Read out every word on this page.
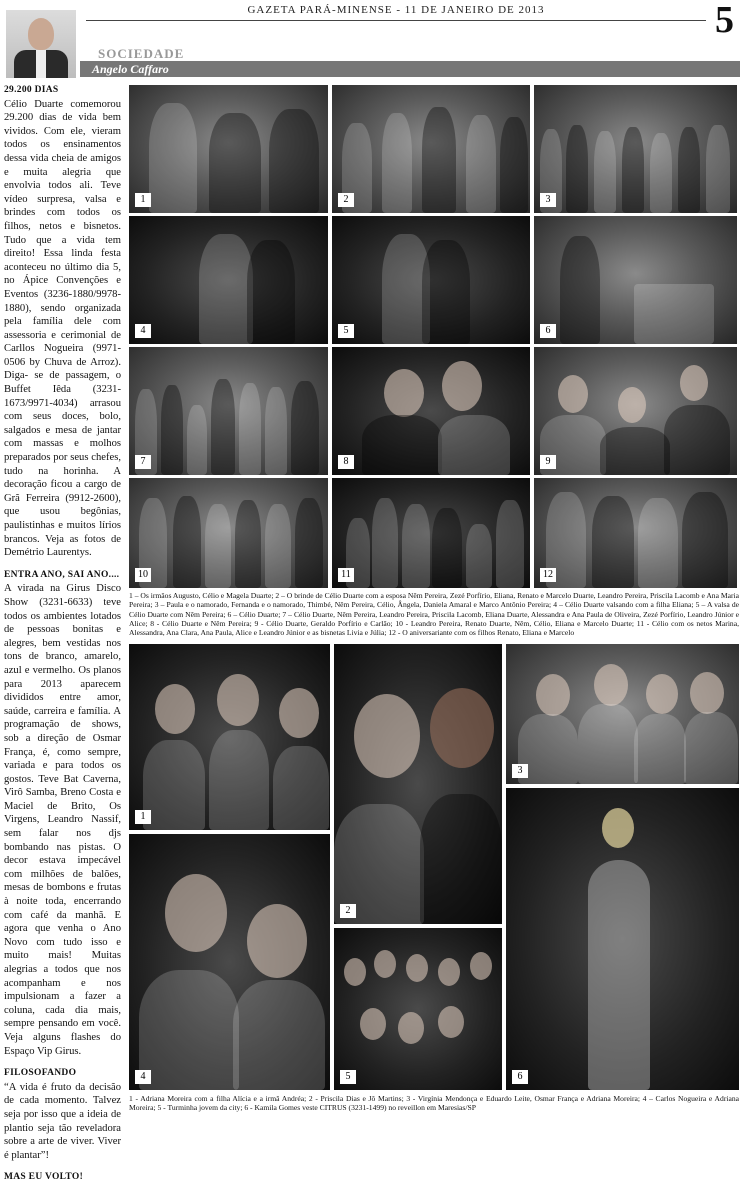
GAZETA PARÁ-MINENSE - 11 DE JANEIRO DE 2013	5
SOCIEDADE
Angelo Caffaro
29.200 DIAS

Célio Duarte comemorou 29.200 dias de vida bem vividos. Com ele, vieram todos os ensinamentos dessa vida cheia de amigos e muita alegria que envolvia todos ali. Teve vídeo surpresa, valsa e brindes com todos os filhos, netos e bisnetos. Tudo que a vida tem direito! Essa linda festa aconteceu no último dia 5, no Ápice Convenções e Eventos (3236-1880/9978-1880), sendo organizada pela família dele com assessoria e cerimonial de Carllos Nogueira (9971-0506 by Chuva de Arroz). Diga- se de passagem, o Buffet Iêda (3231-1673/9971-4034) arrasou com seus doces, bolo, salgados e mesa de jantar com massas e molhos preparados por seus chefes, tudo na horinha. A decoração ficou a cargo de Grã Ferreira (9912-2600), que usou begônias, paulistinhas e muitos lírios brancos. Veja as fotos de Demétrio Laurentys.

ENTRA ANO, SAI ANO....

A virada na Girus Disco Show (3231-6633) teve todos os ambientes lotados de pessoas bonitas e alegres, bem vestidas nos tons de branco, amarelo, azul e vermelho. Os planos para 2013 aparecem divididos entre amor, saúde, carreira e família. A programação de shows, sob a direção de Osmar França, é, como sempre, variada e para todos os gostos. Teve Bat Caverna, Virô Samba, Breno Costa e Maciel de Brito, Os Virgens, Leandro Nassif, sem falar nos djs bombando nas pistas. O decor estava impecável com milhões de balões, mesas de bombons e frutas à noite toda, encerrando com café da manhã. E agora que venha o Ano Novo com tudo isso e muito mais! Muitas alegrias a todos que nos acompanham e nos impulsionam a fazer a coluna, cada dia mais, sempre pensando em você. Veja alguns flashes do Espaço Vip Girus.

FILOSOFANDO

“A vida é fruto da decisão de cada momento. Talvez seja por isso que a ideia de plantio seja tão reveladora sobre a arte de viver. Viver é plantar”!

MAS EU VOLTO!
1	2	3
4	5	6
7	8	9
10	11	12
1 – Os irmãos Augusto, Célio e Magela Duarte; 2 – O brinde de Célio Duarte com a esposa Nêm Pereira, Zezé Porfírio, Eliana, Renato e Marcelo Duarte, Leandro Pereira, Priscila Lacomb e Ana Maria Pereira; 3 – Paula e o namorado, Fernanda e o namorado, Thimbé, Nêm Pereira, Célio, Ângela, Daniela Amaral e Marco Antônio Pereira; 4 – Célio Duarte valsando com a filha Eliana; 5 – A valsa de Célio Duarte com Nêm Pereira; 6 – Célio Duarte; 7 – Célio Duarte, Nêm Pereira, Leandro Pereira, Priscila Lacomb, Eliana Duarte, Alessandra e Ana Paula de Oliveira, Zezé Porfírio, Leandro Júnior e Alice; 8 - Célio Duarte e Nêm Pereira; 9 - Célio Duarte, Geraldo Porfírio e Carlão; 10 - Leandro Pereira, Renato Duarte, Nêm, Célio, Eliana e Marcelo Duarte; 11 - Célio com os netos Marina, Alessandra, Ana Clara, Ana Paula, Alice e Leandro Júnior e as bisnetas Livia e Júlia; 12 - O aniversariante com os filhos Renato, Eliana e Marcelo
1
2
3
4	5	6
1 - Adriana Moreira com a filha Alícia e a irmã Andréa; 2 - Priscila Dias e Jô Martins; 3 - Virgínia Mendonça e Eduardo Leite, Osmar França e Adriana Moreira; 4 – Carlos Nogueira e Adriana Moreira; 5 - Turminha jovem da city; 6 - Kamila Gomes veste CITRUS (3231-1499) no reveillon em Maresias/SP
